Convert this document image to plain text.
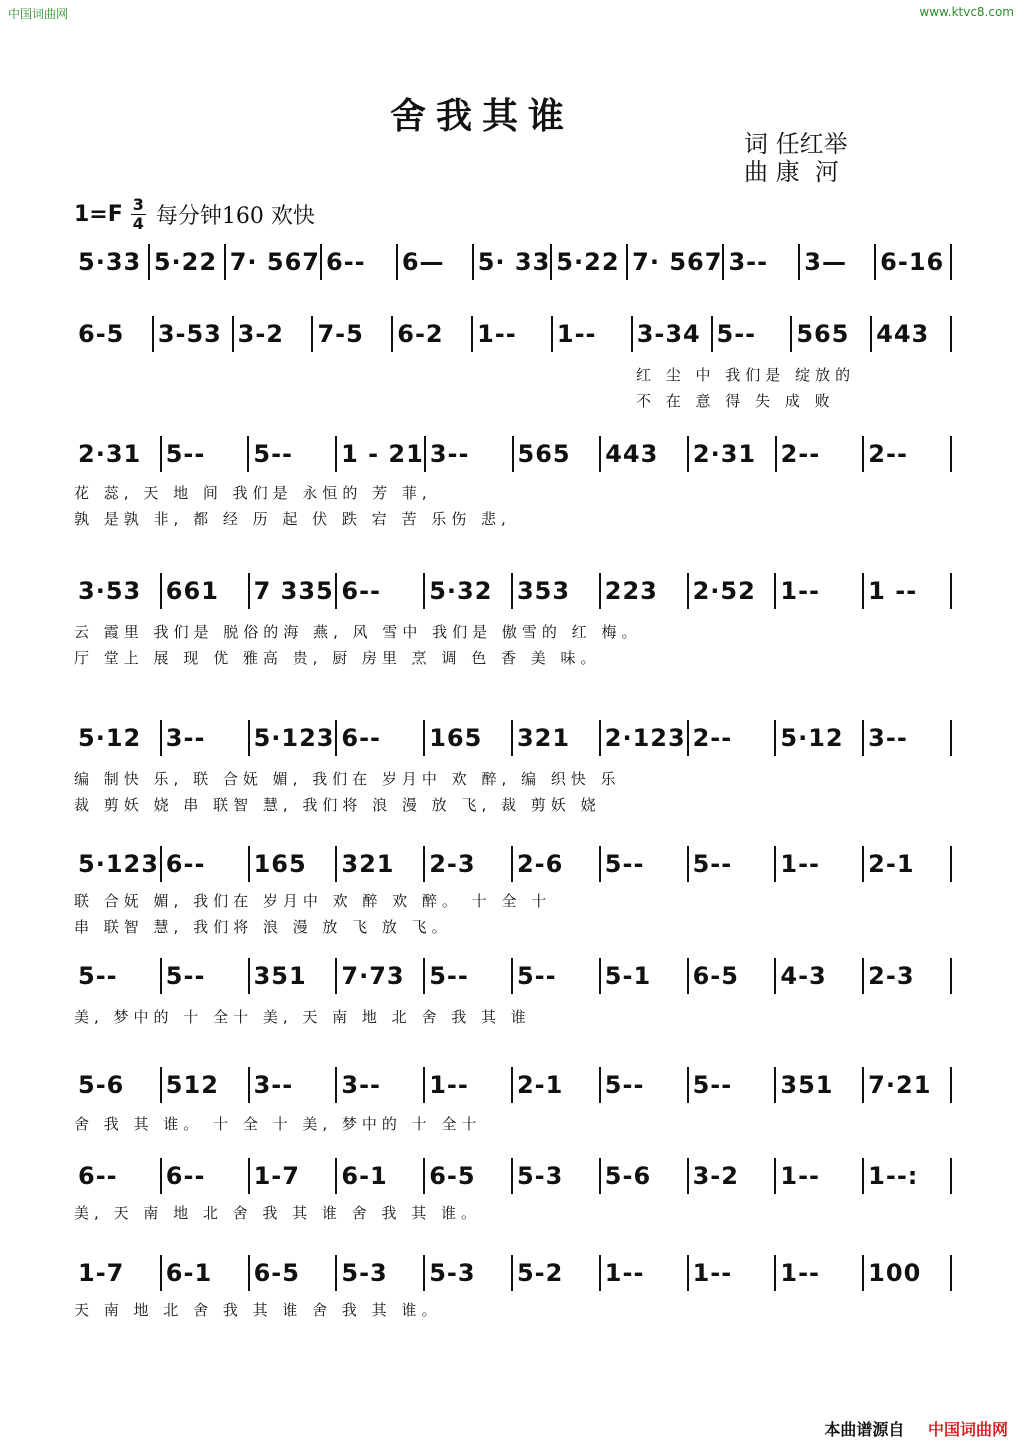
中国词曲网	www.ktvc8.com
舍我其谁
词 任红举
曲 康  河
$1=F \frac{3}{4}$ 每分钟160 欢快
5·33 5·22 7· 567 6--	6—	5· 33 5·22 7· 567 3--	3—	6-16
6-5	3-53 3-2	7-5	6-2	1--	1--	3-34 5--	565	443
红 尘 中 我们是 绽放的
不 在 意 得 失 成 败
2·31	5--	5--	1 - 21 3--	565	443	2·31	2--	2--
花 蕊, 天 地 间 我们是 永恒的 芳 菲,
孰 是孰 非, 都 经 历 起 伏 跌 宕 苦 乐伤 悲,
3·53	661	7 335 6--	5·32	353	223	2·52	1--	1 --
云 霞里 我们是 脱俗的海 燕, 风 雪中 我们是 傲雪的 红 梅。
厅 堂上 展 现 优 雅高 贵, 厨 房里 烹 调 色 香 美 味。
5·12	3--	5·123 6--	165	321	2·123 2--	5·12	3--
编 制快 乐, 联 合妩 媚, 我们在 岁月中 欢 醉, 编 织快 乐
裁 剪妖 娆 串 联智 慧, 我们将 浪 漫 放 飞, 裁 剪妖 娆
5·123 6--	165	321	2-3	2-6	5--	5--	1--	2-1
联 合妩 媚, 我们在 岁月中 欢 醉 欢 醉。 十 全 十
串 联智 慧, 我们将 浪 漫 放 飞 放 飞。
5--	5--	351	7·73	5--	5--	5-1	6-5	4-3	2-3
美, 梦中的 十 全十 美, 天 南 地 北 舍 我 其 谁
5-6	512	3--	3--	1--	2-1	5--	5--	351	7·21
舍 我 其 谁。 十 全 十 美, 梦中的 十 全十
6--	6--	1-7	6-1	6-5	5-3	5-6	3-2	1--	1--:
美, 天 南 地 北 舍 我 其 谁 舍 我 其 谁。
1-7	6-1	6-5	5-3	5-3	5-2	1--	1--	1--	100
天 南 地 北 舍 我 其 谁 舍 我 其 谁。
本曲谱源自 中国词曲网
